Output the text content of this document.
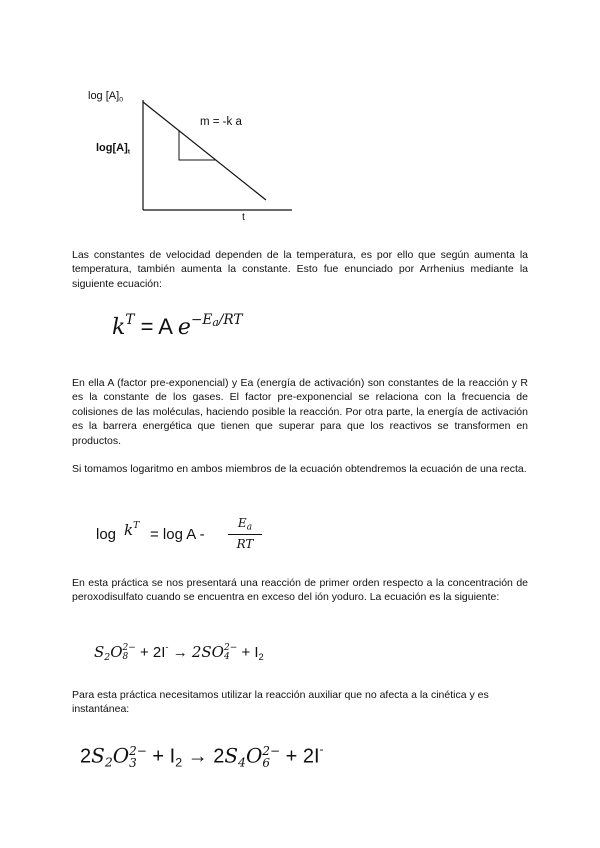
$\log [A]_0$
$\log[A]_t$
m = -k a
t

Las constantes de velocidad dependen de la temperatura, es por ello que según aumenta la temperatura, también aumenta la constante. Esto fue enunciado por Arrhenius mediante la siguiente ecuación:

$k^T = A$ $e^{-Ea/RT}$

En ella A (factor pre-exponencial) y Ea (energía de activación) son constantes de la reacción y R es la constante de los gases. El factor pre-exponencial se relaciona con la frecuencia de colisiones de las moléculas, haciendo posible la reacción. Por otra parte, la energía de activación es la barrera energética que tienen que superar para que los reactivos se transformen en productos.

Si tomamos logaritmo en ambos miembros de la ecuación obtendremos la ecuación de una recta.

$\log k^T$
= log A -
$E_a$
RT

En esta práctica se nos presentará una reacción de primer orden respecto a la concentración de peroxodisulfato cuando se encuentra en exceso del ión yoduro. La ecuación es la siguiente:

$S_2O$ 2−
8 + 2I- → 2SO 2−
$4 + I_2$

Para esta práctica necesitamos utilizar la reacción auxiliar que no afecta a la cinética y es instantánea:

$2S_2O$ 2−
$3 + I_2 \to 2S_4O$ 2−
6 + 2I-
